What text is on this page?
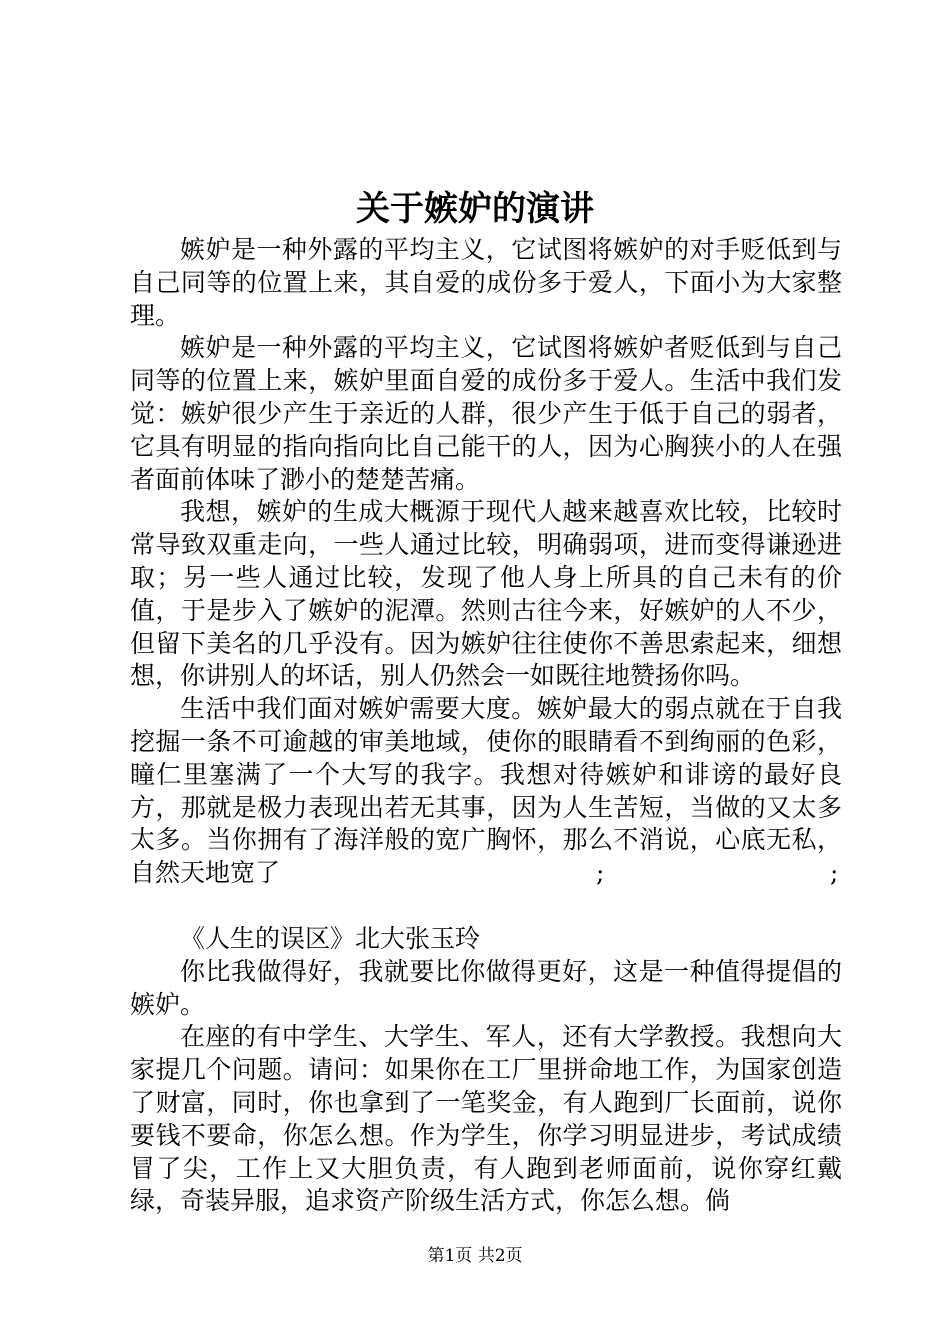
关于嫉妒的演讲

嫉妒是一种外露的平均主义，它试图将嫉妒的对手贬低到与自己同等的位置上来，其自爱的成份多于爱人，下面小为大家整理。

嫉妒是一种外露的平均主义，它试图将嫉妒者贬低到与自己同等的位置上来，嫉妒里面自爱的成份多于爱人。生活中我们发觉：嫉妒很少产生于亲近的人群，很少产生于低于自己的弱者，它具有明显的指向指向比自己能干的人，因为心胸狭小的人在强者面前体味了渺小的楚楚苦痛。

我想，嫉妒的生成大概源于现代人越来越喜欢比较，比较时常导致双重走向，一些人通过比较，明确弱项，进而变得谦逊进取；另一些人通过比较，发现了他人身上所具的自己未有的价值，于是步入了嫉妒的泥潭。然则古往今来，好嫉妒的人不少，但留下美名的几乎没有。因为嫉妒往往使你不善思索起来，细想想，你讲别人的坏话，别人仍然会一如既往地赞扬你吗。

生活中我们面对嫉妒需要大度。嫉妒最大的弱点就在于自我挖掘一条不可逾越的审美地域，使你的眼睛看不到绚丽的色彩，瞳仁里塞满了一个大写的我字。我想对待嫉妒和诽谤的最好良方，那就是极力表现出若无其事，因为人生苦短，当做的又太多太多。当你拥有了海洋般的宽广胸怀，那么不消说，心底无私，自然天地宽了	;	;

《人生的误区》北大张玉玲

你比我做得好，我就要比你做得更好，这是一种值得提倡的嫉妒。

在座的有中学生、大学生、军人，还有大学教授。我想向大家提几个问题。请问：如果你在工厂里拼命地工作，为国家创造了财富，同时，你也拿到了一笔奖金，有人跑到厂长面前，说你要钱不要命，你怎么想。作为学生，你学习明显进步，考试成绩冒了尖，工作上又大胆负责，有人跑到老师面前，说你穿红戴绿，奇装异服，追求资产阶级生活方式，你怎么想。倘

第1页 共2页
